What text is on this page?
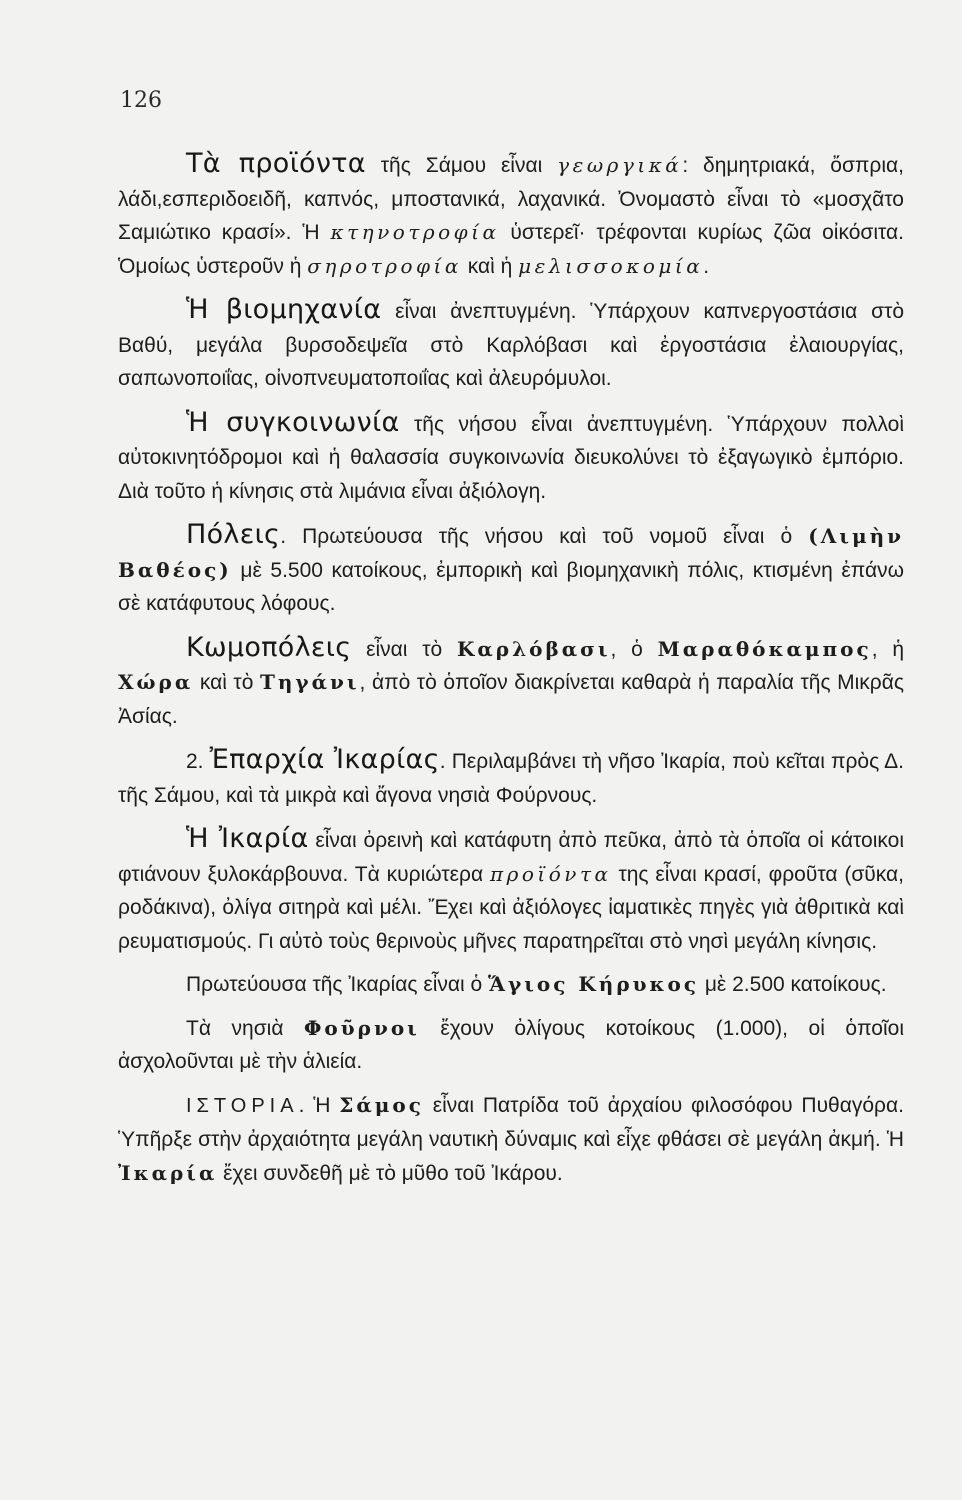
126

Τὰ προϊόντα τῆς Σάμου εἶναι γεωργικά: δημητριακά, ὄσπρια, λάδι,εσπεριδοειδῆ, καπνός, μποστανικά, λαχανικά. Ὀνομαστὸ εἶναι τὸ «μοσχᾶτο Σαμιώτικο κρασί». Ἡ κτηνοτροφία ὑστερεῖ· τρέφονται κυρίως ζῶα οἰκόσιτα. Ὁμοίως ὑστεροῦν ἡ σηροτροφία καὶ ἡ μελισσοκομία.

Ἡ βιομηχανία εἶναι ἀνεπτυγμένη. Ὑπάρχουν καπνεργοστάσια στὸ Βαθύ, μεγάλα βυρσοδεψεῖα στὸ Καρλόβασι καὶ ἐργοστάσια ἐλαιουργίας, σαπωνοποιΐας, οἰνοπνευματοποιΐας καὶ ἀλευρόμυλοι.

Ἡ συγκοινωνία τῆς νήσου εἶναι ἀνεπτυγμένη. Ὑπάρχουν πολλοὶ αὐτοκινητόδρομοι καὶ ἡ θαλασσία συγκοινωνία διευκολύνει τὸ ἐξαγωγικὸ ἐμπόριο. Διὰ τοῦτο ἡ κίνησις στὰ λιμάνια εἶναι ἀξιόλογη.

Πόλεις. Πρωτεύουσα τῆς νήσου καὶ τοῦ νομοῦ εἶναι ὁ (Λιμὴν Βαθέος) μὲ 5.500 κατοίκους, ἐμπορικὴ καὶ βιομηχανικὴ πόλις, κτισμένη ἐπάνω σὲ κατάφυτους λόφους.

Κωμοπόλεις εἶναι τὸ Καρλόβασι, ὁ Μαραθόκαμπος, ἡ Χώρα καὶ τὸ Τηγάνι, ἀπὸ τὸ ὁποῖον διακρίνεται καθαρὰ ἡ παραλία τῆς Μικρᾶς Ἀσίας.

2. Ἐπαρχία Ἰκαρίας. Περιλαμβάνει τὴ νῆσο Ἰκαρία, ποὺ κεῖται πρὸς Δ. τῆς Σάμου, καὶ τὰ μικρὰ καὶ ἄγονα νησιὰ Φούρνους.

Ἡ Ἰκαρία εἶναι ὀρεινὴ καὶ κατάφυτη ἀπὸ πεῦκα, ἀπὸ τὰ ὁποῖα οἱ κάτοικοι φτιάνουν ξυλοκάρβουνα. Τὰ κυριώτερα προϊόντα της εἶναι κρασί, φροῦτα (σῦκα, ροδάκινα), ὀλίγα σιτηρὰ καὶ μέλι. Ἔχει καὶ ἀξιόλογες ἰαματικὲς πηγὲς γιὰ ἀθριτικὰ καὶ ρευματισμούς. Γι αὐτὸ τοὺς θερινοὺς μῆνες παρατηρεῖται στὸ νησὶ μεγάλη κίνησις.

Πρωτεύουσα τῆς Ἰκαρίας εἶναι ὁ Ἅγιος Κήρυκος μὲ 2.500 κατοίκους.

Τὰ νησιὰ Φοῦρνοι ἔχουν ὀλίγους κοτοίκους (1.000), οἱ ὁποῖοι ἀσχολοῦνται μὲ τὴν ἁλιεία.

ΙΣΤΟΡΙΑ. Ἡ Σάμος εἶναι Πατρίδα τοῦ ἀρχαίου φιλοσόφου Πυθαγόρα. Ὑπῆρξε στὴν ἀρχαιότητα μεγάλη ναυτικὴ δύναμις καὶ εἶχε φθάσει σὲ μεγάλη ἀκμή. Ἡ Ἰκαρία ἔχει συνδεθῆ μὲ τὸ μῦθο τοῦ Ἰκάρου.
